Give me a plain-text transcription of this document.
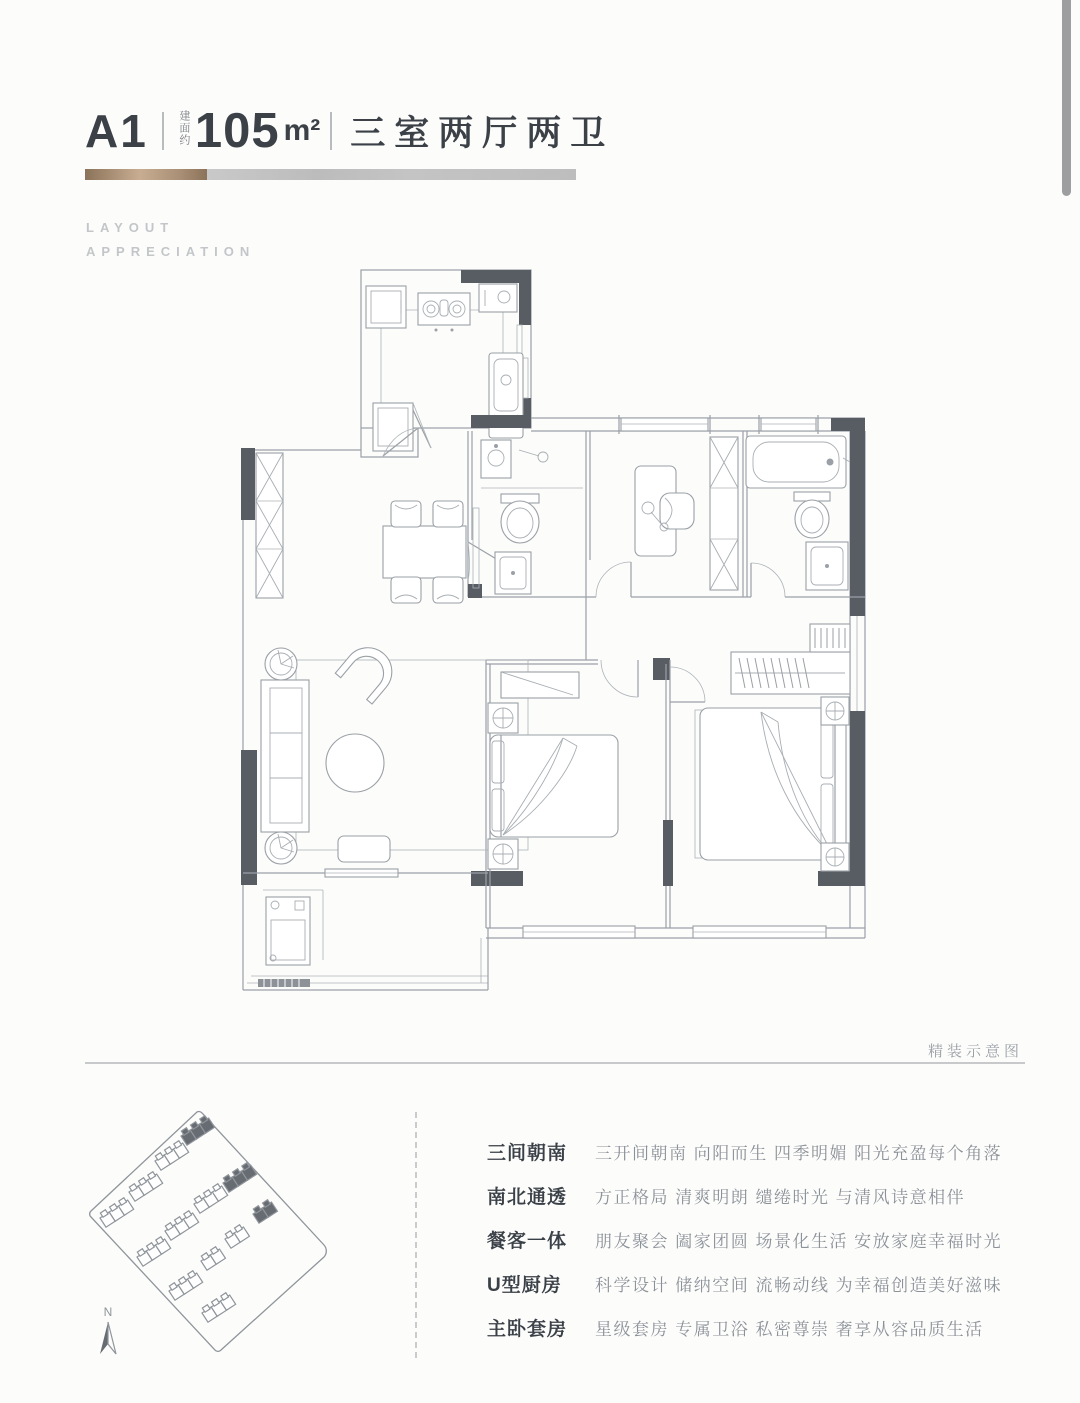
A1	建面约 105 m² 三室两厅两卫
LAYOUT
APPRECIATION
精装示意图
N
三间朝南	三开间朝南 向阳而生 四季明媚 阳光充盈每个角落
南北通透	方正格局 清爽明朗 缱绻时光 与清风诗意相伴
餐客一体	朋友聚会 阖家团圆 场景化生活 安放家庭幸福时光
U型厨房	科学设计 储纳空间 流畅动线 为幸福创造美好滋味
主卧套房	星级套房 专属卫浴 私密尊崇 奢享从容品质生活
